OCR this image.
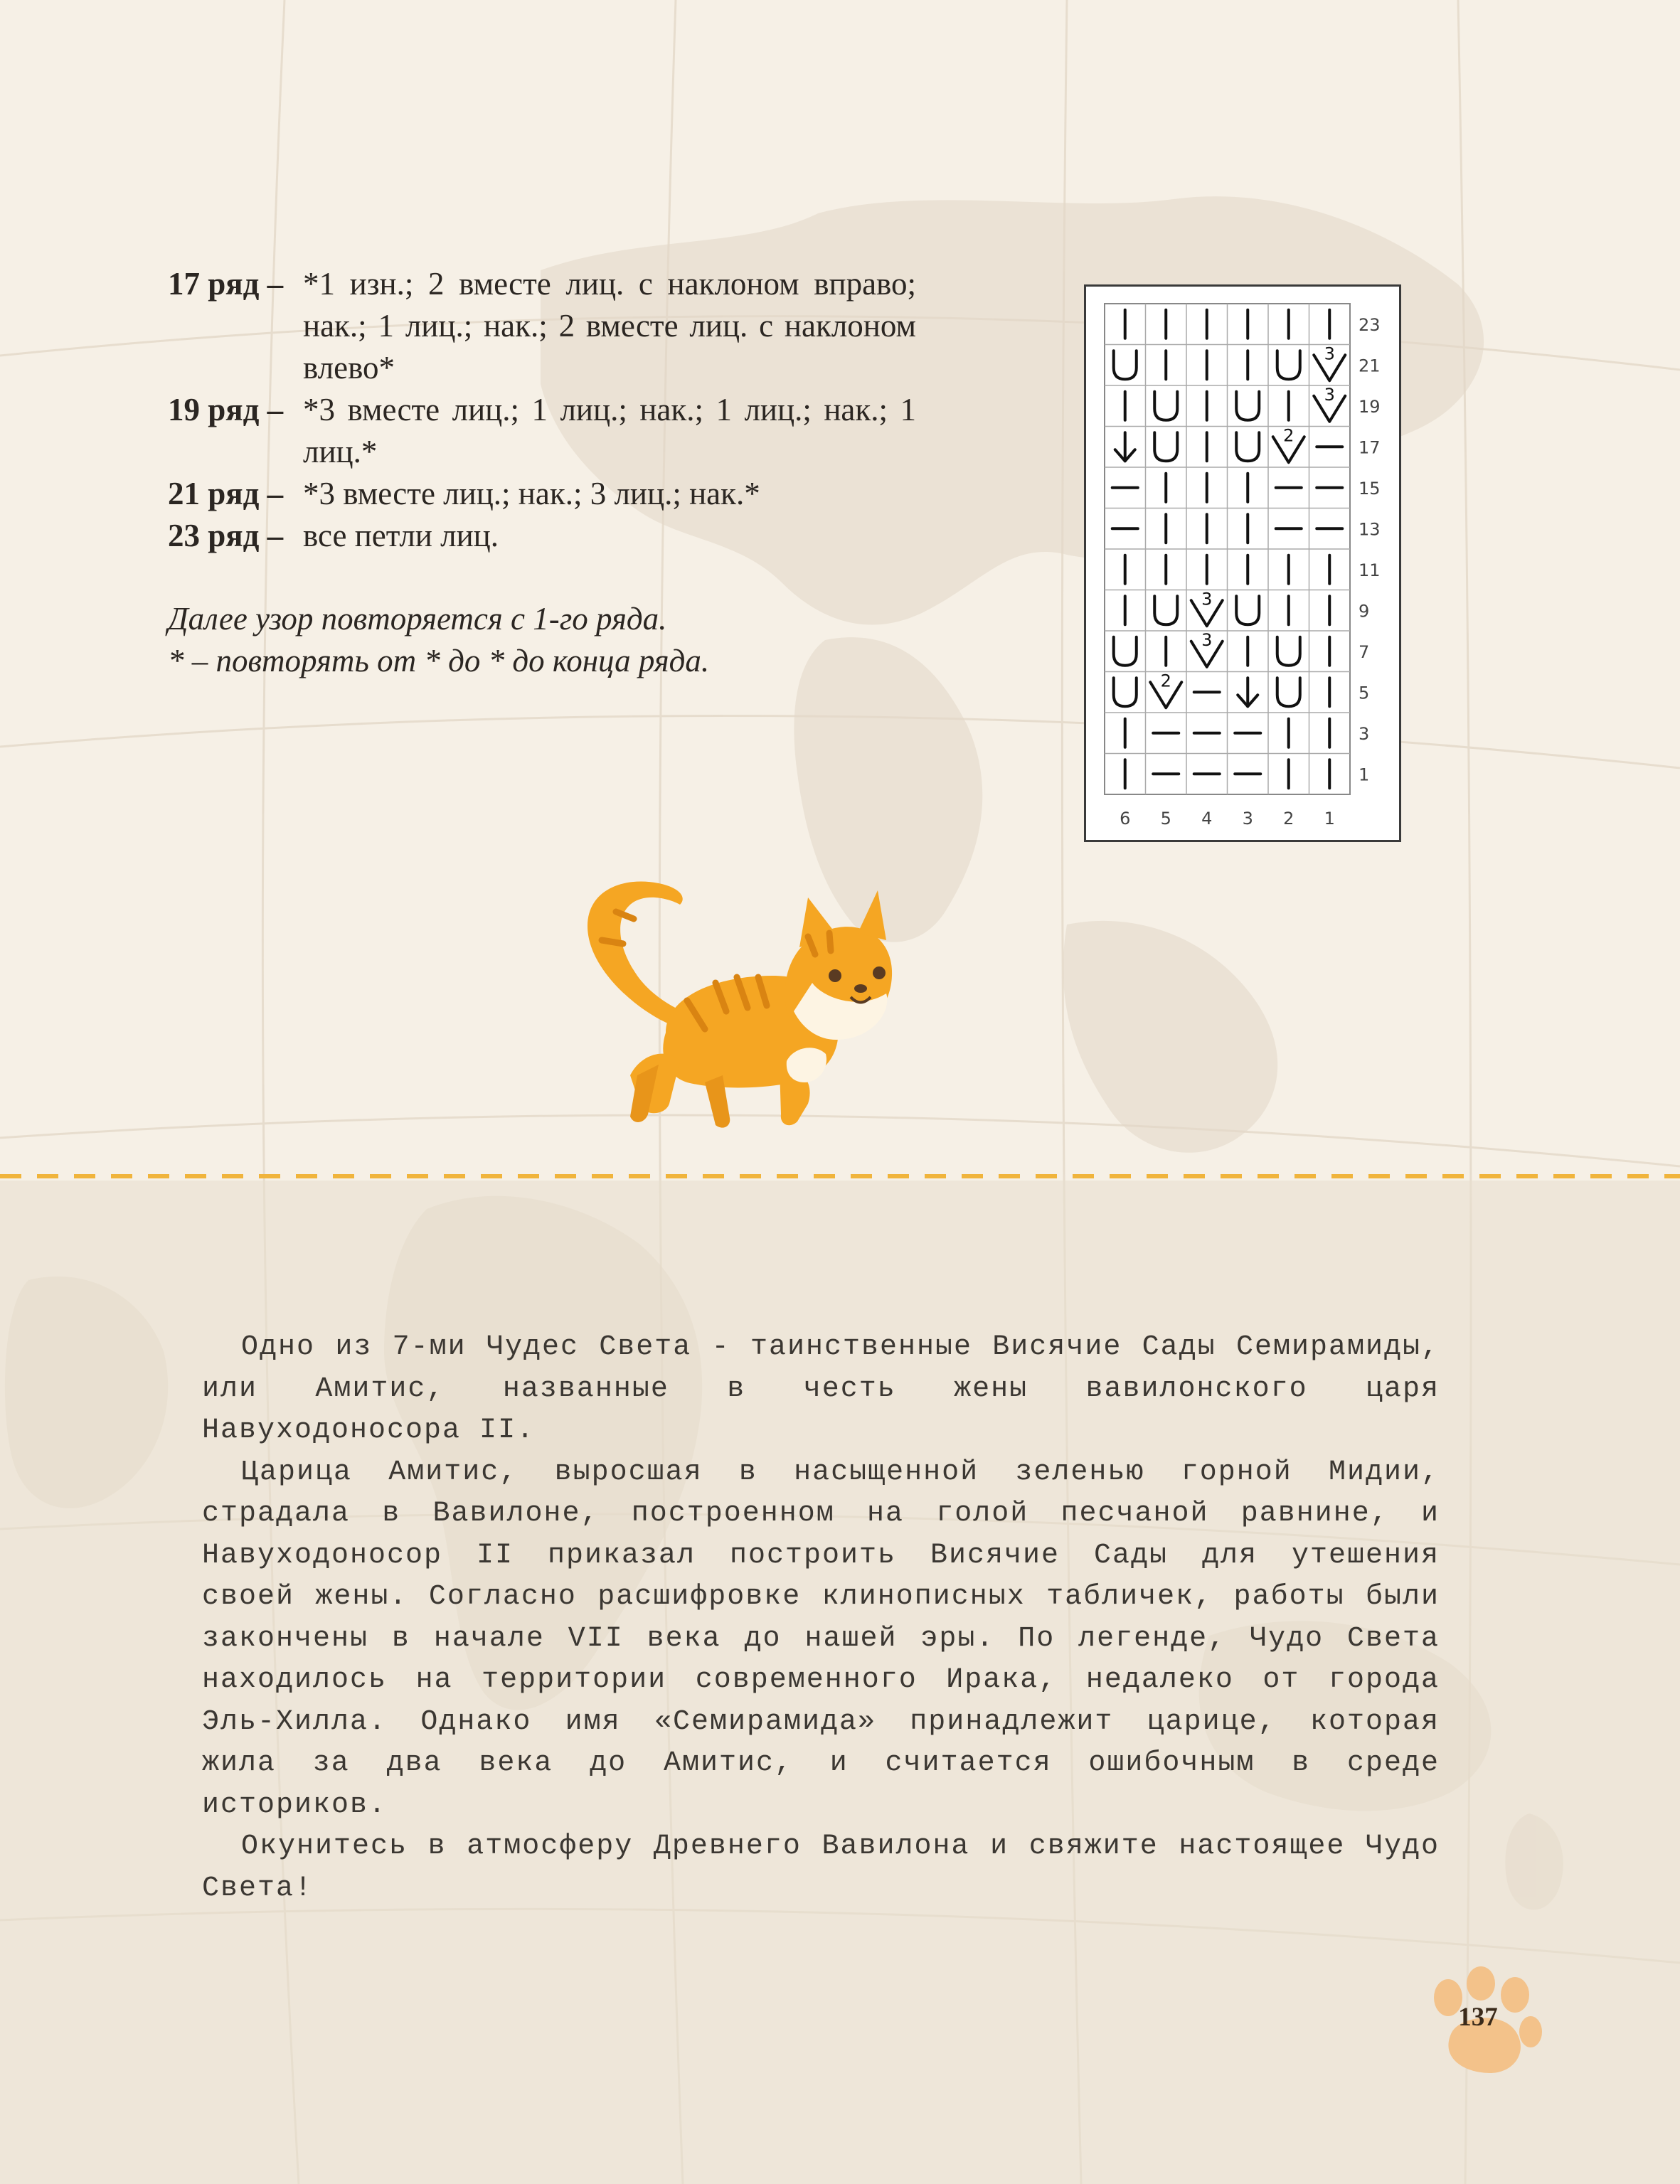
17 ряд – *1 изн.; 2 вместе лиц. с наклоном вправо; нак.; 1 лиц.; нак.; 2 вместе лиц. с наклоном влево*
19 ряд – *3 вместе лиц.; 1 лиц.; нак.; 1 лиц.; нак.; 1 лиц.*
21 ряд – *3 вместе лиц.; нак.; 3 лиц.; нак.*
23 ряд – все петли лиц.
Далее узор повторяется с 1-го ряда.
* – повторять от * до * до конца ряда.
3
3
2
3
3
2
23
21
19
17
15
13
11
9
7
5
3
1
6 5 4 3 2 1

Одно из 7-ми Чудес Света - таинственные Висячие Сады Семирамиды, или Амитис, названные в честь жены вавилонского царя Навуходоносора II.

Царица Амитис, выросшая в насыщенной зеленью горной Мидии, страдала в Вавилоне, построенном на голой песчаной равнине, и Навуходоносор II приказал построить Висячие Сады для утешения своей жены. Согласно расшифровке клинописных табличек, работы были закончены в начале VII века до нашей эры. По легенде, Чудо Света находилось на территории современного Ирака, недалеко от города Эль-Хилла. Однако имя «Семирамида» принадлежит царице, которая жила за два века до Амитис, и считается ошибочным в среде историков.

Окунитесь в атмосферу Древнего Вавилона и свяжите настоящее Чудо Света!

137
